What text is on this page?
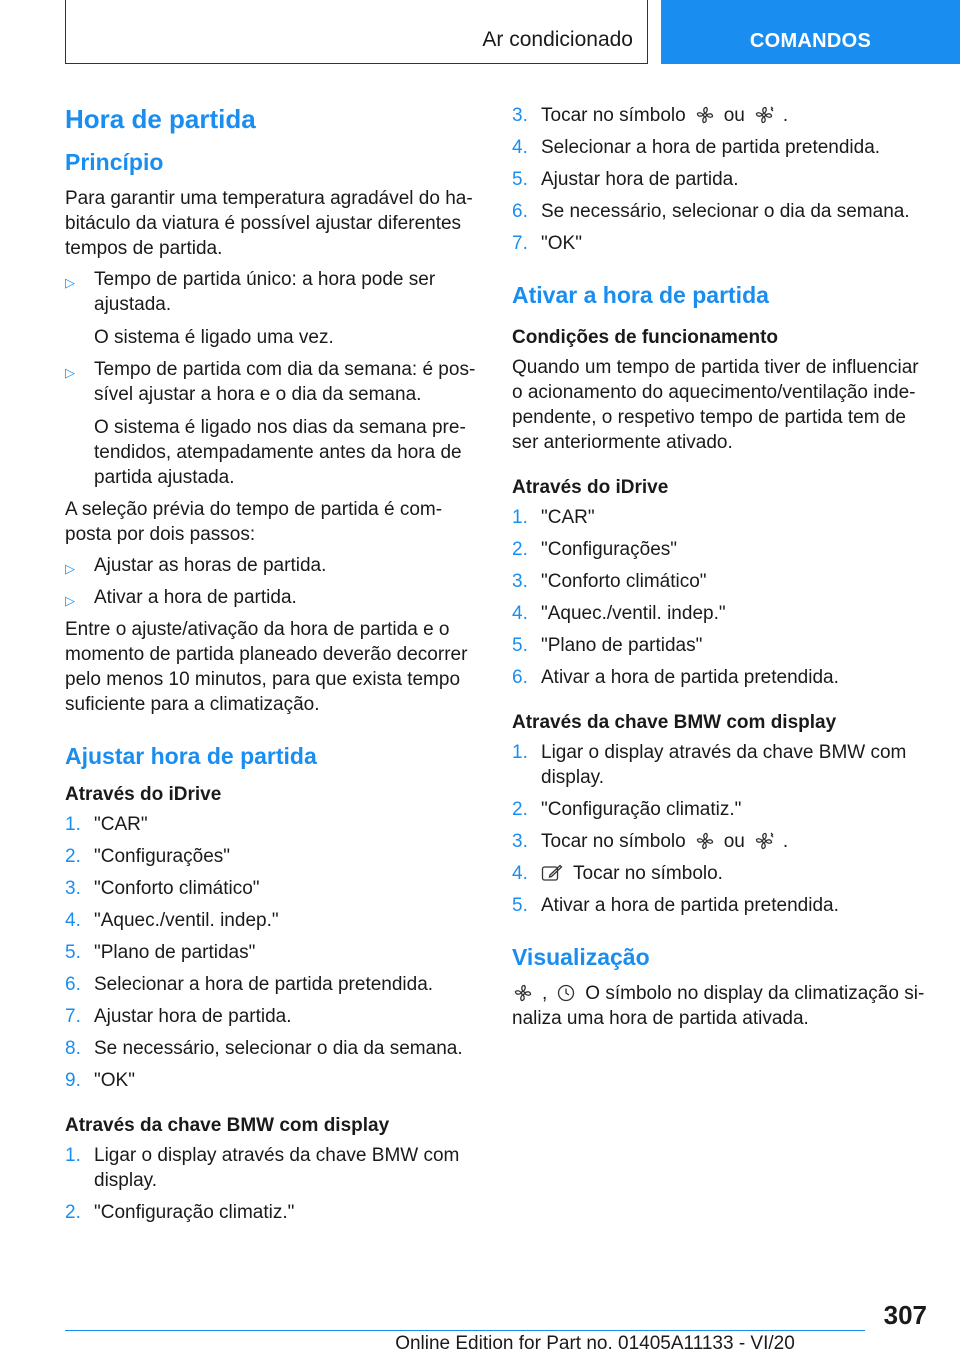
Ar condicionado	COMANDOS
Hora de partida
Princípio

Para garantir uma temperatura agradável do habitáculo da viatura é possível ajustar diferentes tempos de partida.

▷ Tempo de partida único: a hora pode ser ajustada.
O sistema é ligado uma vez.
▷ Tempo de partida com dia da semana: é possível ajustar a hora e o dia da semana.
O sistema é ligado nos dias da semana pretendidos, atempadamente antes da hora de partida ajustada.

A seleção prévia do tempo de partida é composta por dois passos:

▷ Ajustar as horas de partida.
▷ Ativar a hora de partida.

Entre o ajuste/ativação da hora de partida e o momento de partida planeado deverão decorrer pelo menos 10 minutos, para que exista tempo suficiente para a climatização.

Ajustar hora de partida
Através do iDrive
1. "CAR"
2. "Configurações"
3. "Conforto climático"
4. "Aquec./ventil. indep."
5. "Plano de partidas"
6. Selecionar a hora de partida pretendida.
7. Ajustar hora de partida.
8. Se necessário, selecionar o dia da semana.
9. "OK"
Através da chave BMW com display
1. Ligar o display através da chave BMW com display.
2. "Configuração climatiz."
3. Tocar no símbolo ou .
4. Selecionar a hora de partida pretendida.
5. Ajustar hora de partida.
6. Se necessário, selecionar o dia da semana.
7. "OK"
Ativar a hora de partida
Condições de funcionamento

Quando um tempo de partida tiver de influenciar o acionamento do aquecimento/ventilação independente, o respetivo tempo de partida tem de ser anteriormente ativado.

Através do iDrive
1. "CAR"
2. "Configurações"
3. "Conforto climático"
4. "Aquec./ventil. indep."
5. "Plano de partidas"
6. Ativar a hora de partida pretendida.
Através da chave BMW com display
1. Ligar o display através da chave BMW com display.
2. "Configuração climatiz."
3. Tocar no símbolo ou .
4. Tocar no símbolo.
5. Ativar a hora de partida pretendida.
Visualização

, O símbolo no display da climatização sinaliza uma hora de partida ativada.

307
Online Edition for Part no. 01405A11133 - VI/20
